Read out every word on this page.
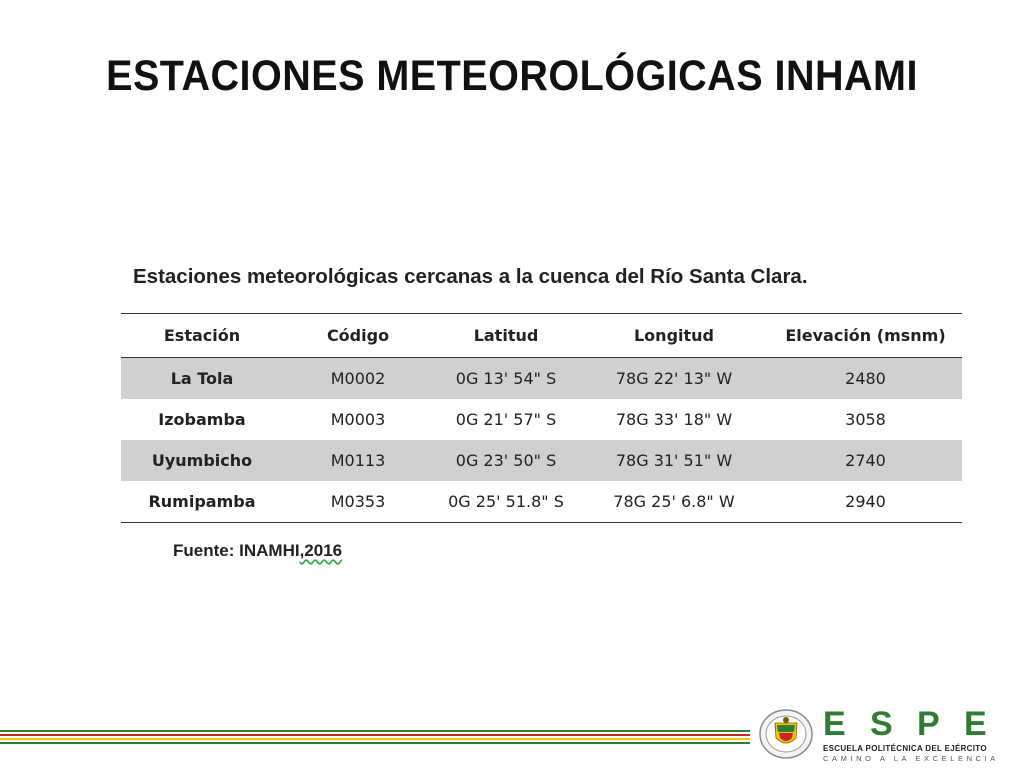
ESTACIONES METEOROLÓGICAS INHAMI
Estaciones meteorológicas cercanas a la cuenca del Río Santa Clara.
Estación	Código	Latitud	Longitud	Elevación (msnm)
La Tola	M0002	0G 13' 54" S	78G 22' 13" W	2480
Izobamba	M0003	0G 21' 57" S	78G 33' 18" W	3058
Uyumbicho	M0113	0G 23' 50" S	78G 31' 51" W	2740
Rumipamba	M0353	0G 25' 51.8" S	78G 25' 6.8" W	2940
Fuente: INAMHI,2016
E S P E
ESCUELA POLITÉCNICA DEL EJÉRCITO
CAMINO A LA EXCELENCIA
